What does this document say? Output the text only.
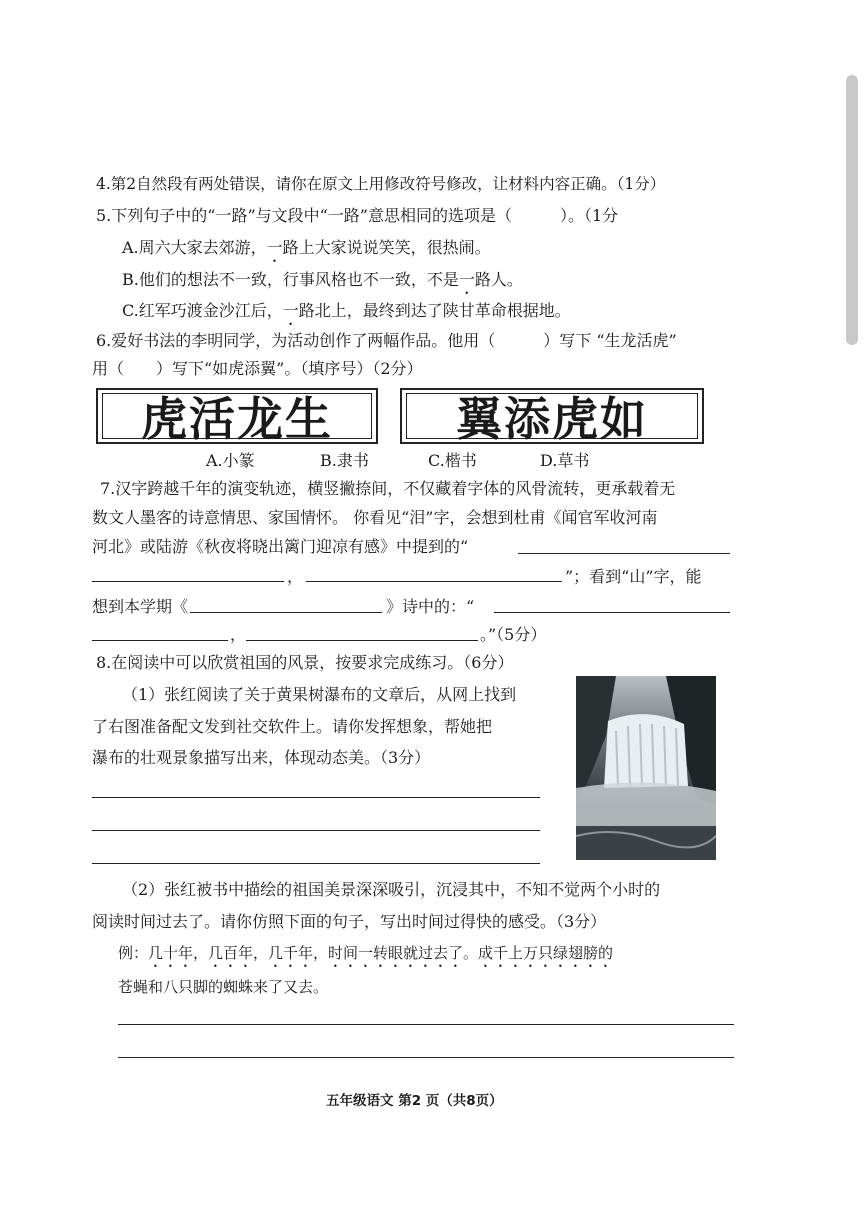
4.第2自然段有两处错误，请你在原文上用修改符号修改，让材料内容正确。（1分）
5.下列句子中的“一路”与文段中“一路”意思相同的选项是（　　　）。（1分
A.周六大家去郊游，一路上大家说说笑笑，很热闹。
B.他们的想法不一致，行事风格也不一致，不是一路人。
C.红军巧渡金沙江后，一路北上，最终到达了陕甘革命根据地。
6.爱好书法的李明同学，为活动创作了两幅作品。他用（　　　）写下 “生龙活虎”
用（　　）写下“如虎添翼”。（填序号）（2分）
虎活龙生	翼添虎如
A.小篆	B.隶书	C.楷书	D.草书
7.汉字跨越千年的演变轨迹，横竖撇捺间，不仅藏着字体的风骨流转，更承载着无
数文人墨客的诗意情思、家国情怀。 你看见“泪”字，会想到杜甫《闻官军收河南
河北》或陆游《秋夜将晓出篱门迎凉有感》中提到的“
，	”；看到“山”字，能
想到本学期《	》诗中的：“
，	。”（5分）
8.在阅读中可以欣赏祖国的风景，按要求完成练习。（6分）
（1）张红阅读了关于黄果树瀑布的文章后，从网上找到
了右图准备配文发到社交软件上。请你发挥想象，帮她把
瀑布的壮观景象描写出来，体现动态美。（3分）
（2）张红被书中描绘的祖国美景深深吸引，沉浸其中，不知不觉两个小时的
阅读时间过去了。请你仿照下面的句子，写出时间过得快的感受。（3分）
例：几十年，几百年，几千年，时间一转眼就过去了。成千上万只绿翅膀的
苍蝇和八只脚的蜘蛛来了又去。
五年级语文 第2 页（共8页）
